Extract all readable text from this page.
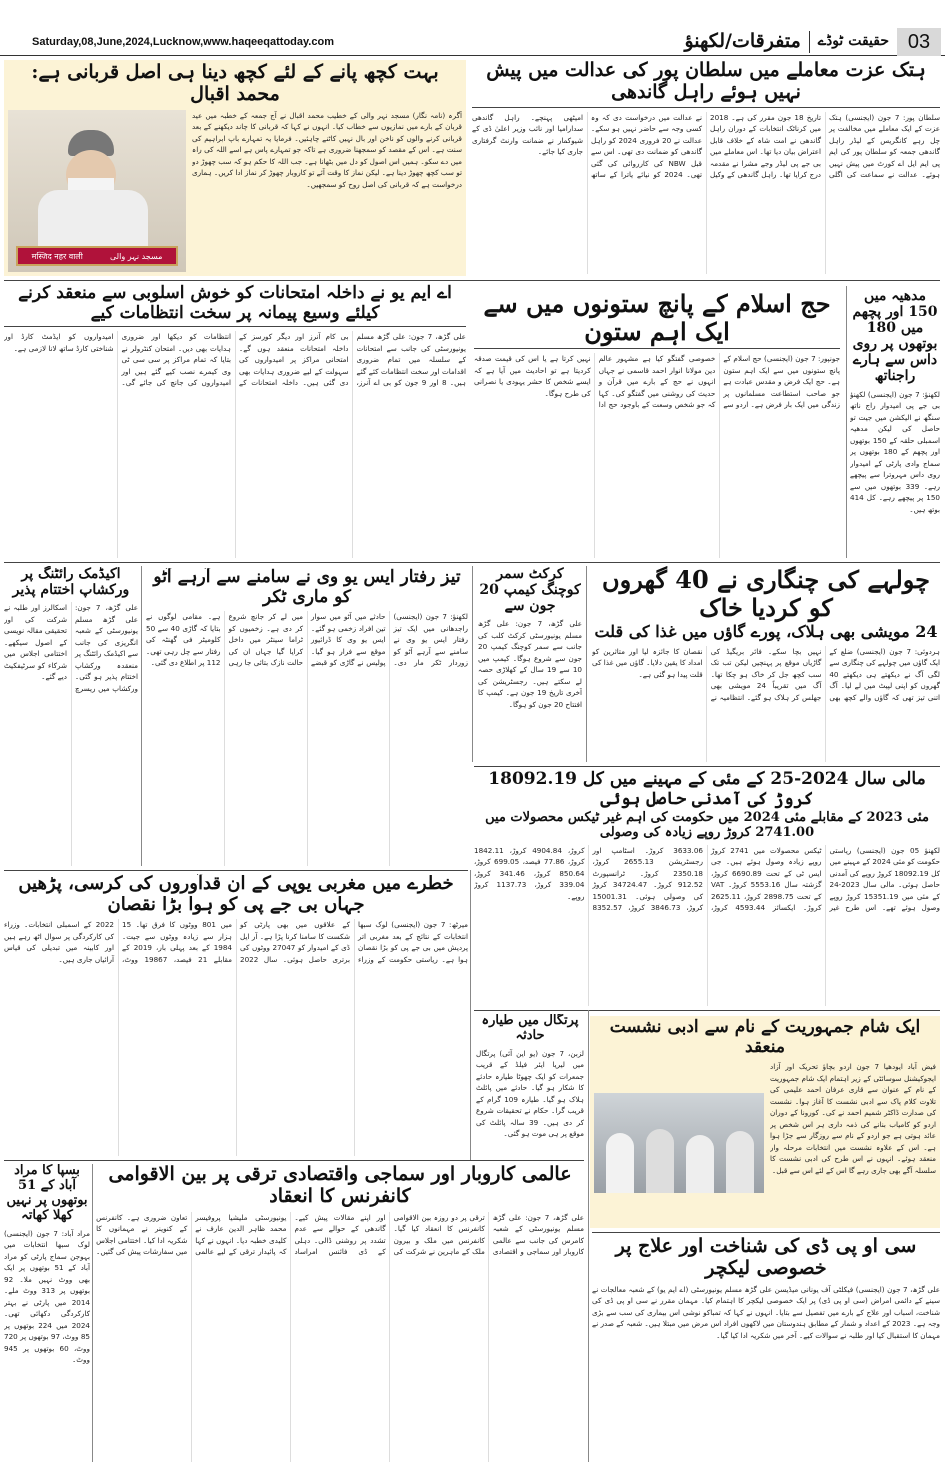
Saturday,08,June,2024,Lucknow,www.haqeeqattoday.com	متفرقات/لکھنؤ	حقیقت ٹوڈے 03
ہتک عزت معاملے میں سلطان پور کی عدالت میں پیش نہیں ہوئے راہل گاندھی
سلطان پور: 7 جون (ایجنسی) ہتک عزت کے ایک معاملے میں مخالفت پر چل رہے کانگریس کے لیڈر راہل گاندھی جمعہ کو سلطان پور کی ایم پی ایم ایل اے کورٹ میں پیش نہیں ہوئے۔ عدالت نے سماعت کی اگلی تاریخ 18 جون مقرر کی ہے۔ 2018 میں کرناٹک انتخابات کے دوران راہل گاندھی نے امت شاہ کے خلاف قابل اعتراض بیان دیا تھا۔ اس معاملے میں بی جے پی لیڈر وجے مشرا نے مقدمہ درج کرایا تھا۔ راہل گاندھی کے وکیل نے عدالت میں درخواست دی کہ وہ کسی وجہ سے حاضر نہیں ہو سکے۔ عدالت نے 20 فروری 2024 کو راہل گاندھی کو ضمانت دی تھی۔ اس سے قبل NBW کی کارروائی کی گئی تھی۔ 2024 کو نیائے یاترا کے ساتھ امیٹھی پہنچے۔ راہل گاندھی سدارامیا اور نائب وزیر اعلیٰ ڈی کے شیوکمار نے ضمانت وارنٹ گرفتاری جاری کیا جائے۔
بہت کچھ پانے کے لئے کچھ دینا ہی اصل قربانی ہے: محمد اقبال
मस्जिद नहर वाली	مسجد نہر والی
آگرہ (نامہ نگار) مسجد نہر والی کے خطیب محمد اقبال نے آج جمعہ کے خطبہ میں عید قربان کے بارے میں نمازیوں سے خطاب کیا۔ انہوں نے کہا کہ قربانی کا چاند دیکھنے کے بعد قربانی کرنے والوں کو ناخن اور بال نہیں کاٹنے چاہئیں۔ فرمایا یہ تمہارے باپ ابراہیم کی سنت ہے۔ اس کے مقصد کو سمجھنا ضروری ہے تاکہ جو تمہارے پاس ہے اسے اللہ کی راہ میں دے سکو۔ ہمیں اس اصول کو دل میں بٹھانا ہے۔ جب اللہ کا حکم ہو کہ سب چھوڑ دو تو سب کچھ چھوڑ دینا ہے۔ لیکن نماز کا وقت آئے تو کاروبار چھوڑ کر نماز ادا کریں۔ ہماری درخواست ہے کہ قربانی کی اصل روح کو سمجھیں۔
اے ایم یو نے داخلہ امتحانات کو خوش اسلوبی سے منعقد کرنے کیلئے وسیع پیمانہ پر سخت انتظامات کیے
علی گڑھ، 7 جون: علی گڑھ مسلم یونیورسٹی کی جانب سے امتحانات کے سلسلہ میں تمام ضروری اقدامات اور سخت انتظامات کئے گئے ہیں۔ 8 اور 9 جون کو بی اے آنرز، بی کام آنرز اور دیگر کورسز کے داخلہ امتحانات منعقد ہوں گے۔ امتحانی مراکز پر امیدواروں کی سہولت کے لیے ضروری ہدایات بھی دی گئی ہیں۔ داخلہ امتحانات کے انتظامات کو دیکھا اور ضروری ہدایات بھی دیں۔ امتحان کنٹرولر نے بتایا کہ تمام مراکز پر سی سی ٹی وی کیمرے نصب کیے گئے ہیں اور امیدواروں کی جانچ کی جائے گی۔ امیدواروں کو ایڈمٹ کارڈ اور شناختی کارڈ ساتھ لانا لازمی ہے۔
حج اسلام کے پانچ ستونوں میں سے ایک اہم ستون
جونپور: 7 جون (ایجنسی) حج اسلام کے پانچ ستونوں میں سے ایک اہم ستون ہے۔ حج ایک فرض و مقدس عبادت ہے جو صاحب استطاعت مسلمانوں پر زندگی میں ایک بار فرض ہے۔ اردو سے خصوصی گفتگو کیا ہے مشہور عالم دین مولانا انوار احمد قاسمی نے جہاں انہوں نے حج کے بارے میں قرآن و حدیث کی روشنی میں گفتگو کی۔ کہا کہ جو شخص وسعت کے باوجود حج ادا نہیں کرتا ہے یا اس کی قیمت صدقہ کردیتا ہے تو احادیث میں آیا ہے کہ ایسے شخص کا حشر یہودی یا نصرانی کی طرح ہوگا۔
مدھیہ میں 150 اور پچھم میں 180 بوتھوں پر روی داس سے ہارے راجناتھ
لکھنؤ: 7 جون (ایجنسی) لکھنؤ بی جے پی امیدوار راج ناتھ سنگھ نے الیکشن میں جیت تو حاصل کی لیکن مدھیہ اسمبلی حلقہ کے 150 بوتھوں اور پچھم کے 180 بوتھوں پر سماج وادی پارٹی کے امیدوار روی داس مہروترا سے پیچھے رہے۔ 339 بوتھوں میں سے 150 پر پیچھے رہے۔ کل 414 بوتھ ہیں۔
چولہے کی چنگاری نے 40 گھروں کو کردیا خاک
24 مویشی بھی ہلاک، پورے گاؤں میں غذا کی قلت
ہردوئی: 7 جون (ایجنسی) ضلع کے ایک گاؤں میں چولہے کی چنگاری سے لگی آگ نے دیکھتے ہی دیکھتے 40 گھروں کو اپنی لپیٹ میں لے لیا۔ آگ اتنی تیز تھی کہ گاؤں والے کچھ بھی نہیں بچا سکے۔ فائر بریگیڈ کی گاڑیاں موقع پر پہنچیں لیکن تب تک سب کچھ جل کر خاک ہو چکا تھا۔ آگ میں تقریباً 24 مویشی بھی جھلس کر ہلاک ہو گئے۔ انتظامیہ نے نقصان کا جائزہ لیا اور متاثرین کو امداد کا یقین دلایا۔ گاؤں میں غذا کی قلت پیدا ہو گئی ہے۔
کرکٹ سمر کوچنگ کیمپ 20 جون سے
علی گڑھ، 7 جون: علی گڑھ مسلم یونیورسٹی کرکٹ کلب کی جانب سے سمر کوچنگ کیمپ 20 جون سے شروع ہوگا۔ کیمپ میں 10 سے 19 سال کے کھلاڑی حصہ لے سکتے ہیں۔ رجسٹریشن کی آخری تاریخ 19 جون ہے۔ کیمپ کا افتتاح 20 جون کو ہوگا۔
تیز رفتار ایس یو وی نے سامنے سے آرہے آٹو کو ماری ٹکر
لکھنؤ: 7 جون (ایجنسی) راجدھانی میں ایک تیز رفتار ایس یو وی نے سامنے سے آرہے آٹو کو زوردار ٹکر مار دی۔ حادثے میں آٹو میں سوار تین افراد زخمی ہو گئے۔ ایس یو وی کا ڈرائیور موقع سے فرار ہو گیا۔ پولیس نے گاڑی کو قبضے میں لے کر جانچ شروع کر دی ہے۔ زخمیوں کو ٹراما سینٹر میں داخل کرایا گیا جہاں ان کی حالت نازک بتائی جا رہی ہے۔ مقامی لوگوں نے بتایا کہ گاڑی 40 سے 50 کلومیٹر فی گھنٹہ کی رفتار سے چل رہی تھی۔ 112 پر اطلاع دی گئی۔
اکیڈمک رائٹنگ پر ورکشاپ اختتام پذیر
علی گڑھ، 7 جون: علی گڑھ مسلم یونیورسٹی کے شعبہ انگریزی کی جانب سے اکیڈمک رائٹنگ پر منعقدہ ورکشاپ اختتام پذیر ہو گئی۔ ورکشاپ میں ریسرچ اسکالرز اور طلبہ نے شرکت کی اور تحقیقی مقالہ نویسی کے اصول سیکھے۔ اختتامی اجلاس میں شرکاء کو سرٹیفکیٹ دیے گئے۔
مالی سال 2024-25 کے مئی کے مہینے میں کل 18092.19 کروڑ کی آمدنی حاصل ہوئی
مئی 2023 کے مقابلے مئی 2024 میں حکومت کی اہم غیر ٹیکس محصولات میں 2741.00 کروڑ روپے زیادہ کی وصولی
لکھنؤ 05 جون (ایجنسی) ریاستی حکومت کو مئی 2024 کے مہینے میں کل 18092.19 کروڑ روپے کی آمدنی حاصل ہوئی۔ مالی سال 2023-24 کے مئی میں 15351.19 کروڑ روپے وصول ہوئے تھے۔ اس طرح غیر ٹیکس محصولات میں 2741 کروڑ روپے زیادہ وصول ہوئے ہیں۔ جی ایس ٹی کے تحت 6690.89 کروڑ، گزشتہ سال 5553.16 کروڑ۔ VAT کے تحت 2898.75 کروڑ، 2625.11 کروڑ۔ ایکسائز 4593.44 کروڑ، 3633.06 کروڑ۔ اسٹامپ اور رجسٹریشن 2655.13 کروڑ، 2350.18 کروڑ۔ ٹرانسپورٹ 912.52 کروڑ۔ 34724.47 کروڑ کی وصولی ہوئی۔ 15001.31 کروڑ، 3846.73 کروڑ، 8352.57 کروڑ، 4904.84 کروڑ، 1842.11 کروڑ، 77.86 فیصد، 699.05 کروڑ، 850.64 کروڑ، 341.46 کروڑ، 339.04 کروڑ، 1137.73 کروڑ روپے۔
خطرے میں مغربی یوپی کے ان قدآوروں کی کرسی، پڑھیں جہاں بی جے پی کو ہوا بڑا نقصان
میرٹھ: 7 جون (ایجنسی) لوک سبھا انتخابات کے نتائج کے بعد مغربی اتر پردیش میں بی جے پی کو بڑا نقصان ہوا ہے۔ ریاستی حکومت کے وزراء کے علاقوں میں بھی پارٹی کو شکست کا سامنا کرنا پڑا ہے۔ آر ایل ڈی کے امیدوار کو 27047 ووٹوں کی برتری حاصل ہوئی۔ سال 2022 میں 801 ووٹوں کا فرق تھا۔ 15 ہزار سے زیادہ ووٹوں سے جیت۔ 1984 کے بعد پہلی بار، 2019 کے مقابلے 21 فیصد، 19867 ووٹ، 2022 کے اسمبلی انتخابات۔ وزراء کی کارکردگی پر سوال اٹھ رہے ہیں اور کابینہ میں تبدیلی کی قیاس آرائیاں جاری ہیں۔
پرتگال میں طیارہ حادثہ
لزبن، 7 جون (یو این آئی) پرتگال میں لیریا ایئر فیلڈ کے قریب جمعرات کو ایک چھوٹا طیارہ حادثے کا شکار ہو گیا۔ حادثے میں پائلٹ ہلاک ہو گیا۔ طیارہ 109 گرام کے قریب گرا۔ حکام نے تحقیقات شروع کر دی ہیں۔ 39 سالہ پائلٹ کی موقع پر ہی موت ہو گئی۔
ایک شام جمہوریت کے نام سے ادبی نشست منعقد
فیض آباد ایودھیا 7 جون اردو بچاؤ تحریک اور آزاد ایجوکیشنل سوسائٹی کے زیر اہتمام ایک شام جمہوریت کے نام کے عنوان سے قاری عرفان احمد علیمی کی تلاوت کلام پاک سے ادبی نشست کا آغاز ہوا۔ نشست کی صدارت ڈاکٹر شمیم احمد نے کی۔ کورونا کے دوران اردو کو کامیاب بنانے کی ذمہ داری ہر اس شخص پر عائد ہوتی ہے جو اردو کے نام سے روزگار سے جڑا ہوا ہے۔ اس کے علاوہ نشست میں انتخابات مرحلہ وار منعقد ہوئے۔ انہوں نے اس طرح کی ادبی نشست کا سلسلہ آگے بھی جاری رہے گا اس کے لئے اس سے قبل۔
عالمی کاروبار اور سماجی واقتصادی ترقی پر بین الاقوامی کانفرنس کا انعقاد
علی گڑھ، 7 جون: علی گڑھ مسلم یونیورسٹی کے شعبہ کامرس کی جانب سے عالمی کاروبار اور سماجی و اقتصادی ترقی پر دو روزہ بین الاقوامی کانفرنس کا انعقاد کیا گیا۔ کانفرنس میں ملک و بیرون ملک کے ماہرین نے شرکت کی اور اپنے مقالات پیش کیے۔ گاندھی کے حوالے سے عدم تشدد پر روشنی ڈالی۔ دہلی کے ڈی فائنس امراساد یونیورسٹی ملیشیا پروفیسر محمد ظاہر الدین عارف نے کلیدی خطبہ دیا۔ انہوں نے کہا کہ پائیدار ترقی کے لیے عالمی تعاون ضروری ہے۔ کانفرنس کے کنوینر نے مہمانوں کا شکریہ ادا کیا۔ اختتامی اجلاس میں سفارشات پیش کی گئیں۔
بسپا کا مراد آباد کے 51 بوتھوں پر نہیں کھلا کھاتہ
مراد آباد: 7 جون (ایجنسی) لوک سبھا انتخابات میں بہوجن سماج پارٹی کو مراد آباد کے 51 بوتھوں پر ایک بھی ووٹ نہیں ملا۔ 92 بوتھوں پر 313 ووٹ ملے۔ 2014 میں پارٹی نے بہتر کارکردگی دکھائی تھی۔ 2024 میں 224 بوتھوں پر 85 ووٹ، 97 بوتھوں پر 720 ووٹ، 60 بوتھوں پر 945 ووٹ۔
سی او پی ڈی کی شناخت اور علاج پر خصوصی لیکچر
علی گڑھ، 7 جون (ایجنسی) فیکلٹی آف یونانی میڈیسن علی گڑھ مسلم یونیورسٹی (اے ایم یو) کے شعبہ معالجات نے سینے کے دائمی امراض (سی او پی ڈی) پر ایک خصوصی لیکچر کا اہتمام کیا۔ مہمان مقرر نے سی او پی ڈی کی شناخت، اسباب اور علاج کے بارے میں تفصیل سے بتایا۔ انہوں نے کہا کہ تمباکو نوشی اس بیماری کی سب سے بڑی وجہ ہے۔ 2023 کے اعداد و شمار کے مطابق ہندوستان میں لاکھوں افراد اس مرض میں مبتلا ہیں۔ شعبہ کے صدر نے مہمان کا استقبال کیا اور طلبہ نے سوالات کیے۔ آخر میں شکریہ ادا کیا گیا۔
